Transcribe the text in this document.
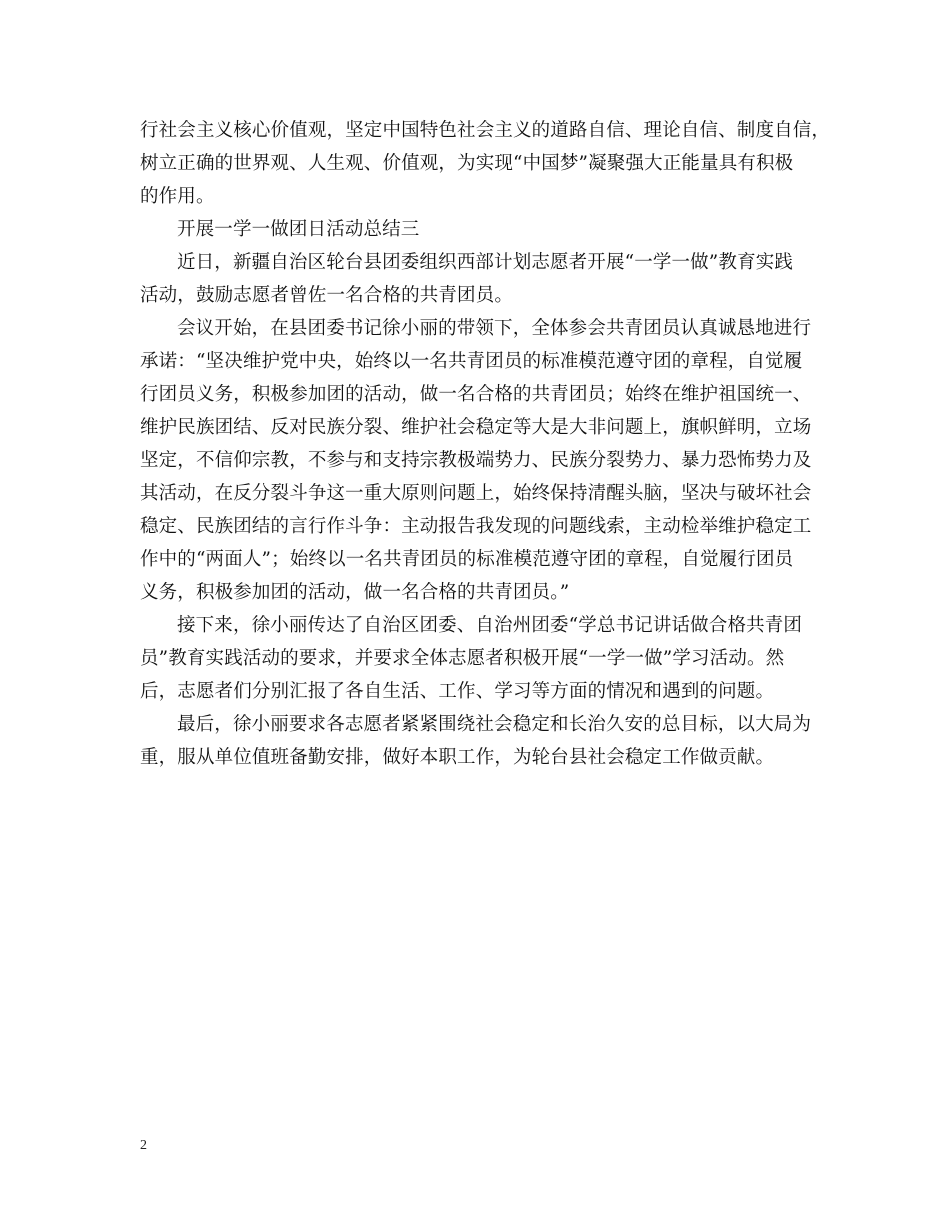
行社会主义核心价值观，坚定中国特色社会主义的道路自信、理论自信、制度自信，
树立正确的世界观、人生观、价值观，为实现“中国梦”凝聚强大正能量具有积极
的作用。
开展一学一做团日活动总结三
近日，新疆自治区轮台县团委组织西部计划志愿者开展“一学一做”教育实践
活动，鼓励志愿者曾佐一名合格的共青团员。
会议开始，在县团委书记徐小丽的带领下，全体参会共青团员认真诚恳地进行
承诺：“坚决维护党中央，始终以一名共青团员的标准模范遵守团的章程，自觉履
行团员义务，积极参加团的活动，做一名合格的共青团员；始终在维护祖国统一、
维护民族团结、反对民族分裂、维护社会稳定等大是大非问题上，旗帜鲜明，立场
坚定，不信仰宗教，不参与和支持宗教极端势力、民族分裂势力、暴力恐怖势力及
其活动，在反分裂斗争这一重大原则问题上，始终保持清醒头脑，坚决与破坏社会
稳定、民族团结的言行作斗争：主动报告我发现的问题线索，主动检举维护稳定工
作中的“两面人”；始终以一名共青团员的标准模范遵守团的章程，自觉履行团员
义务，积极参加团的活动，做一名合格的共青团员。”
接下来，徐小丽传达了自治区团委、自治州团委“学总书记讲话做合格共青团
员”教育实践活动的要求，并要求全体志愿者积极开展“一学一做”学习活动。然
后，志愿者们分别汇报了各自生活、工作、学习等方面的情况和遇到的问题。
最后，徐小丽要求各志愿者紧紧围绕社会稳定和长治久安的总目标，以大局为
重，服从单位值班备勤安排，做好本职工作，为轮台县社会稳定工作做贡献。
2
